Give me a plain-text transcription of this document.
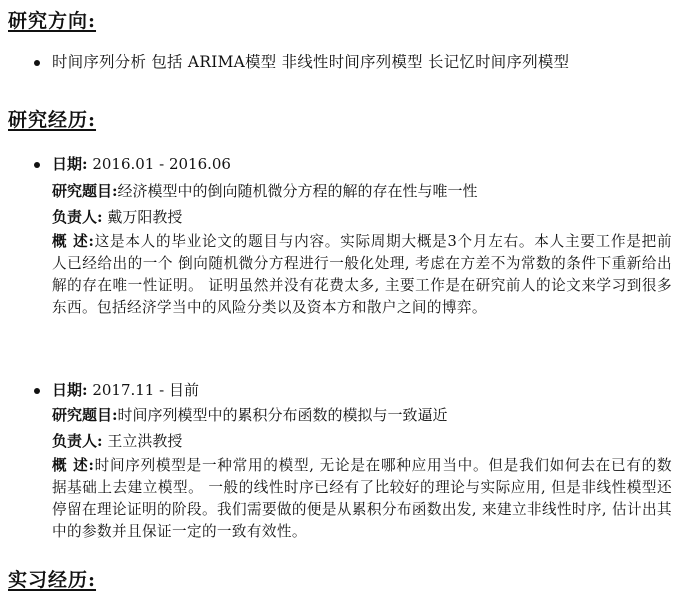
研究方向:
时间序列分析 包括 ARIMA模型 非线性时间序列模型 长记忆时间序列模型
研究经历:
日期: 2016.01 - 2016.06
研究题目:经济模型中的倒向随机微分方程的解的存在性与唯一性
负责人: 戴万阳教授
概 述:这是本人的毕业论文的题目与内容。实际周期大概是3个月左右。本人主要工作是把前人已经给出的一个 倒向随机微分方程进行一般化处理, 考虑在方差不为常数的条件下重新给出解的存在唯一性证明。 证明虽然并没有花费太多, 主要工作是在研究前人的论文来学习到很多东西。包括经济学当中的风险分类以及资本方和散户之间的博弈。
日期: 2017.11 - 目前
研究题目:时间序列模型中的累积分布函数的模拟与一致逼近
负责人: 王立洪教授
概 述:时间序列模型是一种常用的模型, 无论是在哪种应用当中。但是我们如何去在已有的数据基础上去建立模型。 一般的线性时序已经有了比较好的理论与实际应用, 但是非线性模型还停留在理论证明的阶段。我们需要做的便是从累积分布函数出发, 来建立非线性时序, 估计出其中的参数并且保证一定的一致有效性。
实习经历:
